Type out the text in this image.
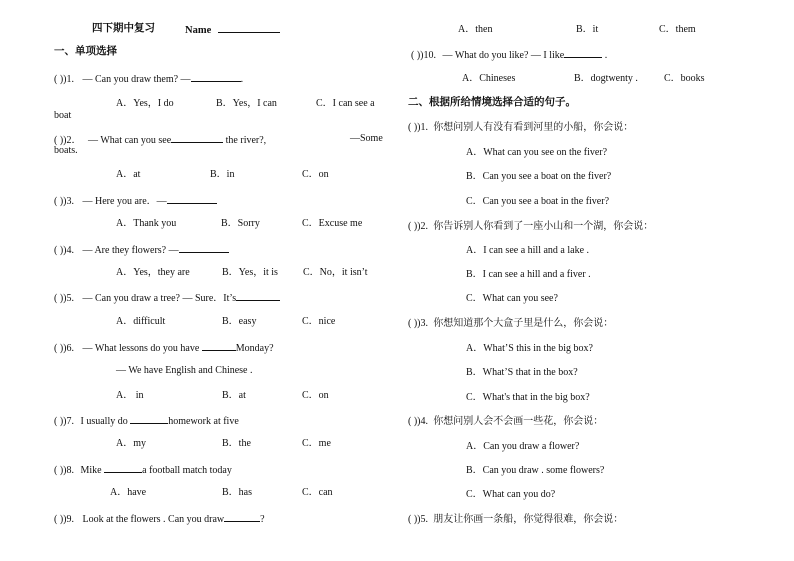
四下期中复习	Name
一、单项选择
( ))1. — Can you draw them? —	.
A．Yes，I do	B．Yes，I can	C．I can see a
boat
( ))2． — What can you see	the river?,	—Some
boats.
A．at	B．in	C．on
( ))3. — Here you are．—
A．Thank you	B．Sorry	C．Excuse me
( ))4. — Are they flowers? —
A．Yes，they are	B．Yes，it is	C．No，it isn’t
( ))5. — Can you draw a tree? — Sure．It’s
A．difficult	B．easy	C．nice
( ))6. — What lessons do you have	Monday?
— We have English and Chinese .
A． in	B．at	C．on
( ))7. I usually do	homework at five
A．my	B．the	C．me
( ))8. Mike	a football match today
A．have	B．has	C．can
( ))9. Look at the flowers . Can you draw	?
A．then	B．it	C．them
( ))10. — What do you like? — I like	.
A．Chineses	B．dogtwenty .	C．books
二、根据所给情境选择合适的句子。
( ))1. 你想问别人有没有看到河里的小船，你会说：
A．What can you see on the fiver?
B．Can you see a boat on the fiver?
C．Can you see a boat in the fiver?
( ))2. 你告诉别人你看到了一座小山和一个湖，你会说：
A．I can see a hill and a lake .
B．I can see a hill and a fiver .
C．What can you see?
( ))3. 你想知道那个大盒子里是什么，你会说：
A．What’S this in the big box?
B．What’S that in the box?
C．What's that in the big box?
( ))4. 你想问别人会不会画一些花，你会说：
A．Can you draw a flower?
B．Can you draw . some flowers?
C．What can you do?
( ))5. 朋友让你画一条船，你觉得很难，你会说：
